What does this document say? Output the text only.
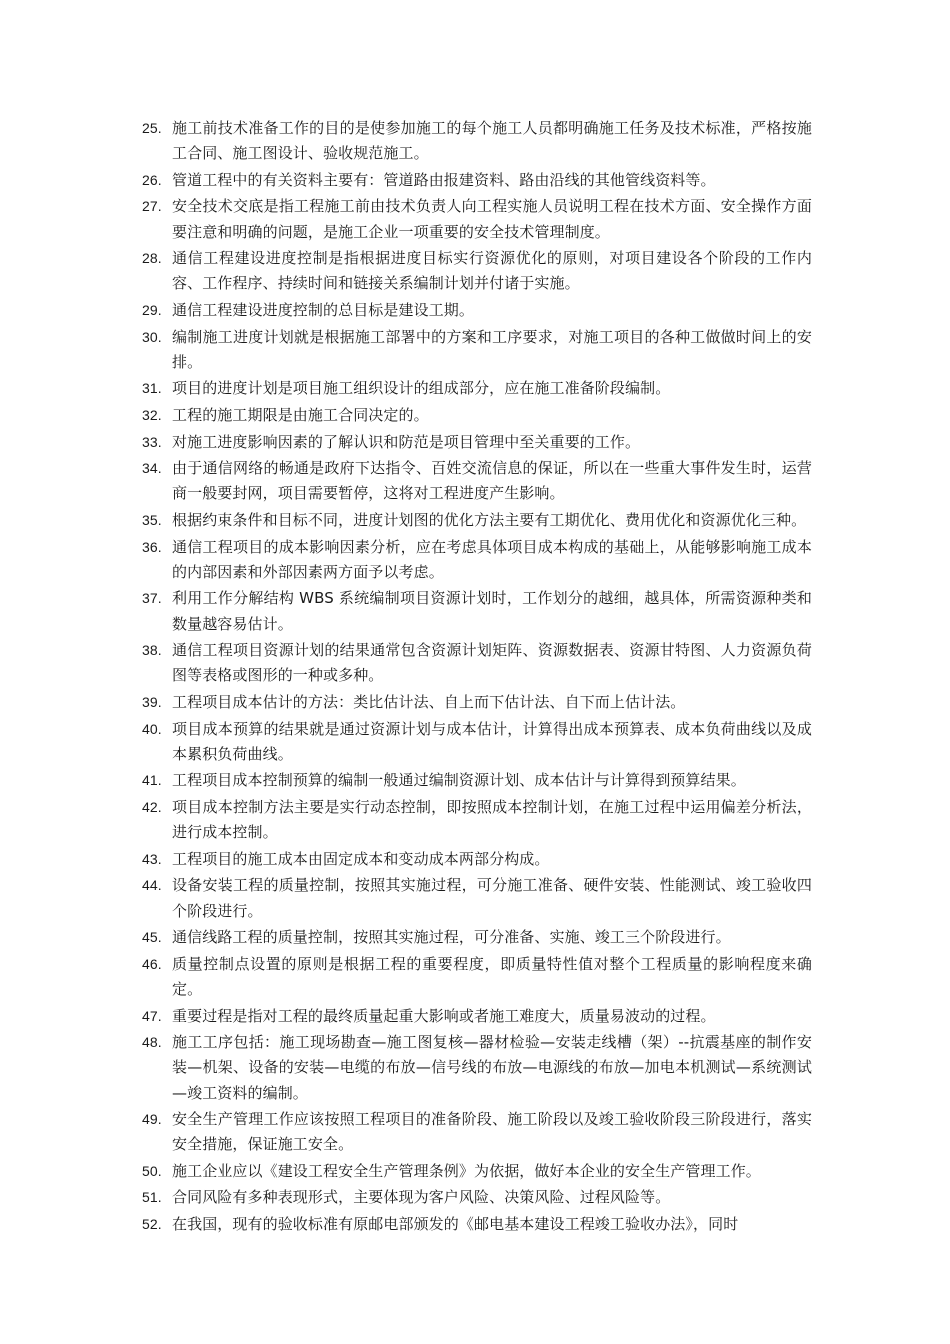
25. 施工前技术准备工作的目的是使参加施工的每个施工人员都明确施工任务及技术标准，严格按施工合同、施工图设计、验收规范施工。
26. 管道工程中的有关资料主要有：管道路由报建资料、路由沿线的其他管线资料等。
27. 安全技术交底是指工程施工前由技术负责人向工程实施人员说明工程在技术方面、安全操作方面要注意和明确的问题，是施工企业一项重要的安全技术管理制度。
28. 通信工程建设进度控制是指根据进度目标实行资源优化的原则，对项目建设各个阶段的工作内容、工作程序、持续时间和链接关系编制计划并付诸于实施。
29. 通信工程建设进度控制的总目标是建设工期。
30. 编制施工进度计划就是根据施工部署中的方案和工序要求，对施工项目的各种工做做时间上的安排。
31. 项目的进度计划是项目施工组织设计的组成部分，应在施工准备阶段编制。
32. 工程的施工期限是由施工合同决定的。
33. 对施工进度影响因素的了解认识和防范是项目管理中至关重要的工作。
34. 由于通信网络的畅通是政府下达指令、百姓交流信息的保证，所以在一些重大事件发生时，运营商一般要封网，项目需要暂停，这将对工程进度产生影响。
35. 根据约束条件和目标不同，进度计划图的优化方法主要有工期优化、费用优化和资源优化三种。
36. 通信工程项目的成本影响因素分析，应在考虑具体项目成本构成的基础上，从能够影响施工成本的内部因素和外部因素两方面予以考虑。
37. 利用工作分解结构 WBS 系统编制项目资源计划时，工作划分的越细，越具体，所需资源种类和数量越容易估计。
38. 通信工程项目资源计划的结果通常包含资源计划矩阵、资源数据表、资源甘特图、人力资源负荷图等表格或图形的一种或多种。
39. 工程项目成本估计的方法：类比估计法、自上而下估计法、自下而上估计法。
40. 项目成本预算的结果就是通过资源计划与成本估计，计算得出成本预算表、成本负荷曲线以及成本累积负荷曲线。
41. 工程项目成本控制预算的编制一般通过编制资源计划、成本估计与计算得到预算结果。
42. 项目成本控制方法主要是实行动态控制，即按照成本控制计划，在施工过程中运用偏差分析法，进行成本控制。
43. 工程项目的施工成本由固定成本和变动成本两部分构成。
44. 设备安装工程的质量控制，按照其实施过程，可分施工准备、硬件安装、性能测试、竣工验收四个阶段进行。
45. 通信线路工程的质量控制，按照其实施过程，可分准备、实施、竣工三个阶段进行。
46. 质量控制点设置的原则是根据工程的重要程度，即质量特性值对整个工程质量的影响程度来确定。
47. 重要过程是指对工程的最终质量起重大影响或者施工难度大，质量易波动的过程。
48. 施工工序包括：施工现场勘查—施工图复核—器材检验—安装走线槽（架）--抗震基座的制作安装—机架、设备的安装—电缆的布放—信号线的布放—电源线的布放—加电本机测试—系统测试—竣工资料的编制。
49. 安全生产管理工作应该按照工程项目的准备阶段、施工阶段以及竣工验收阶段三阶段进行，落实安全措施，保证施工安全。
50. 施工企业应以《建设工程安全生产管理条例》为依据，做好本企业的安全生产管理工作。
51. 合同风险有多种表现形式，主要体现为客户风险、决策风险、过程风险等。
52. 在我国，现有的验收标准有原邮电部颁发的《邮电基本建设工程竣工验收办法》，同时
